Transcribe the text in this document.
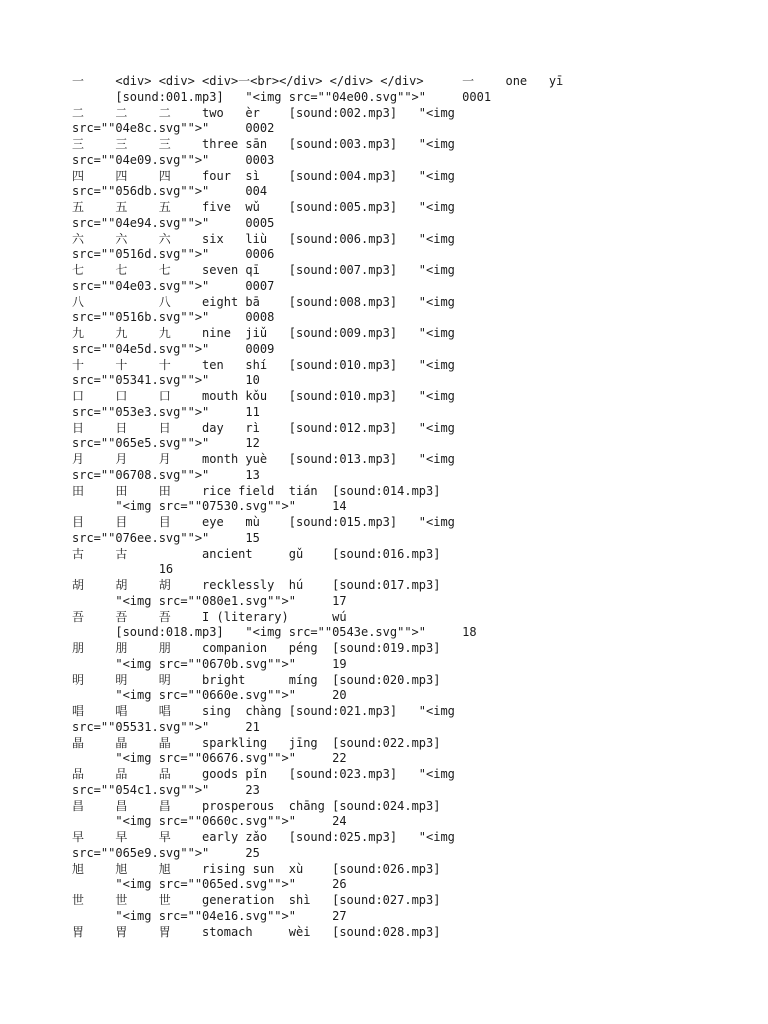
一	<div> <div> <div>一<br></div> </div> </div>	一	one	yī
	[sound:001.mp3]	"<img src=""04e00.svg"">"	0001
二	二	二	two	èr	[sound:002.mp3]	"<img
src=""04e8c.svg"">"	0002
三	三	三	three	sān	[sound:003.mp3]	"<img
src=""04e09.svg"">"	0003
四	四	四	four	sì	[sound:004.mp3]	"<img
src=""056db.svg"">"	004
五	五	五	five	wǔ	[sound:005.mp3]	"<img
src=""04e94.svg"">"	0005
六	六	六	six	liù	[sound:006.mp3]	"<img
src=""0516d.svg"">"	0006
七	七	七	seven	qī	[sound:007.mp3]	"<img
src=""04e03.svg"">"	0007
八		八	eight	bā	[sound:008.mp3]	"<img
src=""0516b.svg"">"	0008
九	九	九	nine	jiǔ	[sound:009.mp3]	"<img
src=""04e5d.svg"">"	0009
十	十	十	ten	shí	[sound:010.mp3]	"<img
src=""05341.svg"">"	10
口	口	口	mouth	kǒu	[sound:010.mp3]	"<img
src=""053e3.svg"">"	11
日	日	日	day	rì	[sound:012.mp3]	"<img
src=""065e5.svg"">"	12
月	月	月	month	yuè	[sound:013.mp3]	"<img
src=""06708.svg"">"	13
田	田	田	rice field	tián	[sound:014.mp3]
	"<img src=""07530.svg"">"	14
目	目	目	eye	mù	[sound:015.mp3]	"<img
src=""076ee.svg"">"	15
古	古		ancient	gǔ	[sound:016.mp3]
		16
胡	胡	胡	recklessly	hú	[sound:017.mp3]
	"<img src=""080e1.svg"">"	17
吾	吾	吾	I (literary)	wú
	[sound:018.mp3]	"<img src=""0543e.svg"">"	18
朋	朋	朋	companion	péng	[sound:019.mp3]
	"<img src=""0670b.svg"">"	19
明	明	明	bright	míng	[sound:020.mp3]
	"<img src=""0660e.svg"">"	20
唱	唱	唱	sing	chàng	[sound:021.mp3]	"<img
src=""05531.svg"">"	21
晶	晶	晶	sparkling	jīng	[sound:022.mp3]
	"<img src=""06676.svg"">"	22
品	品	品	goods	pǐn	[sound:023.mp3]	"<img
src=""054c1.svg"">"	23
昌	昌	昌	prosperous	chāng	[sound:024.mp3]
	"<img src=""0660c.svg"">"	24
早	早	早	early	zǎo	[sound:025.mp3]	"<img
src=""065e9.svg"">"	25
旭	旭	旭	rising sun	xù	[sound:026.mp3]
	"<img src=""065ed.svg"">"	26
世	世	世	generation	shì	[sound:027.mp3]
	"<img src=""04e16.svg"">"	27
胃	胃	胃	stomach	wèi	[sound:028.mp3]
